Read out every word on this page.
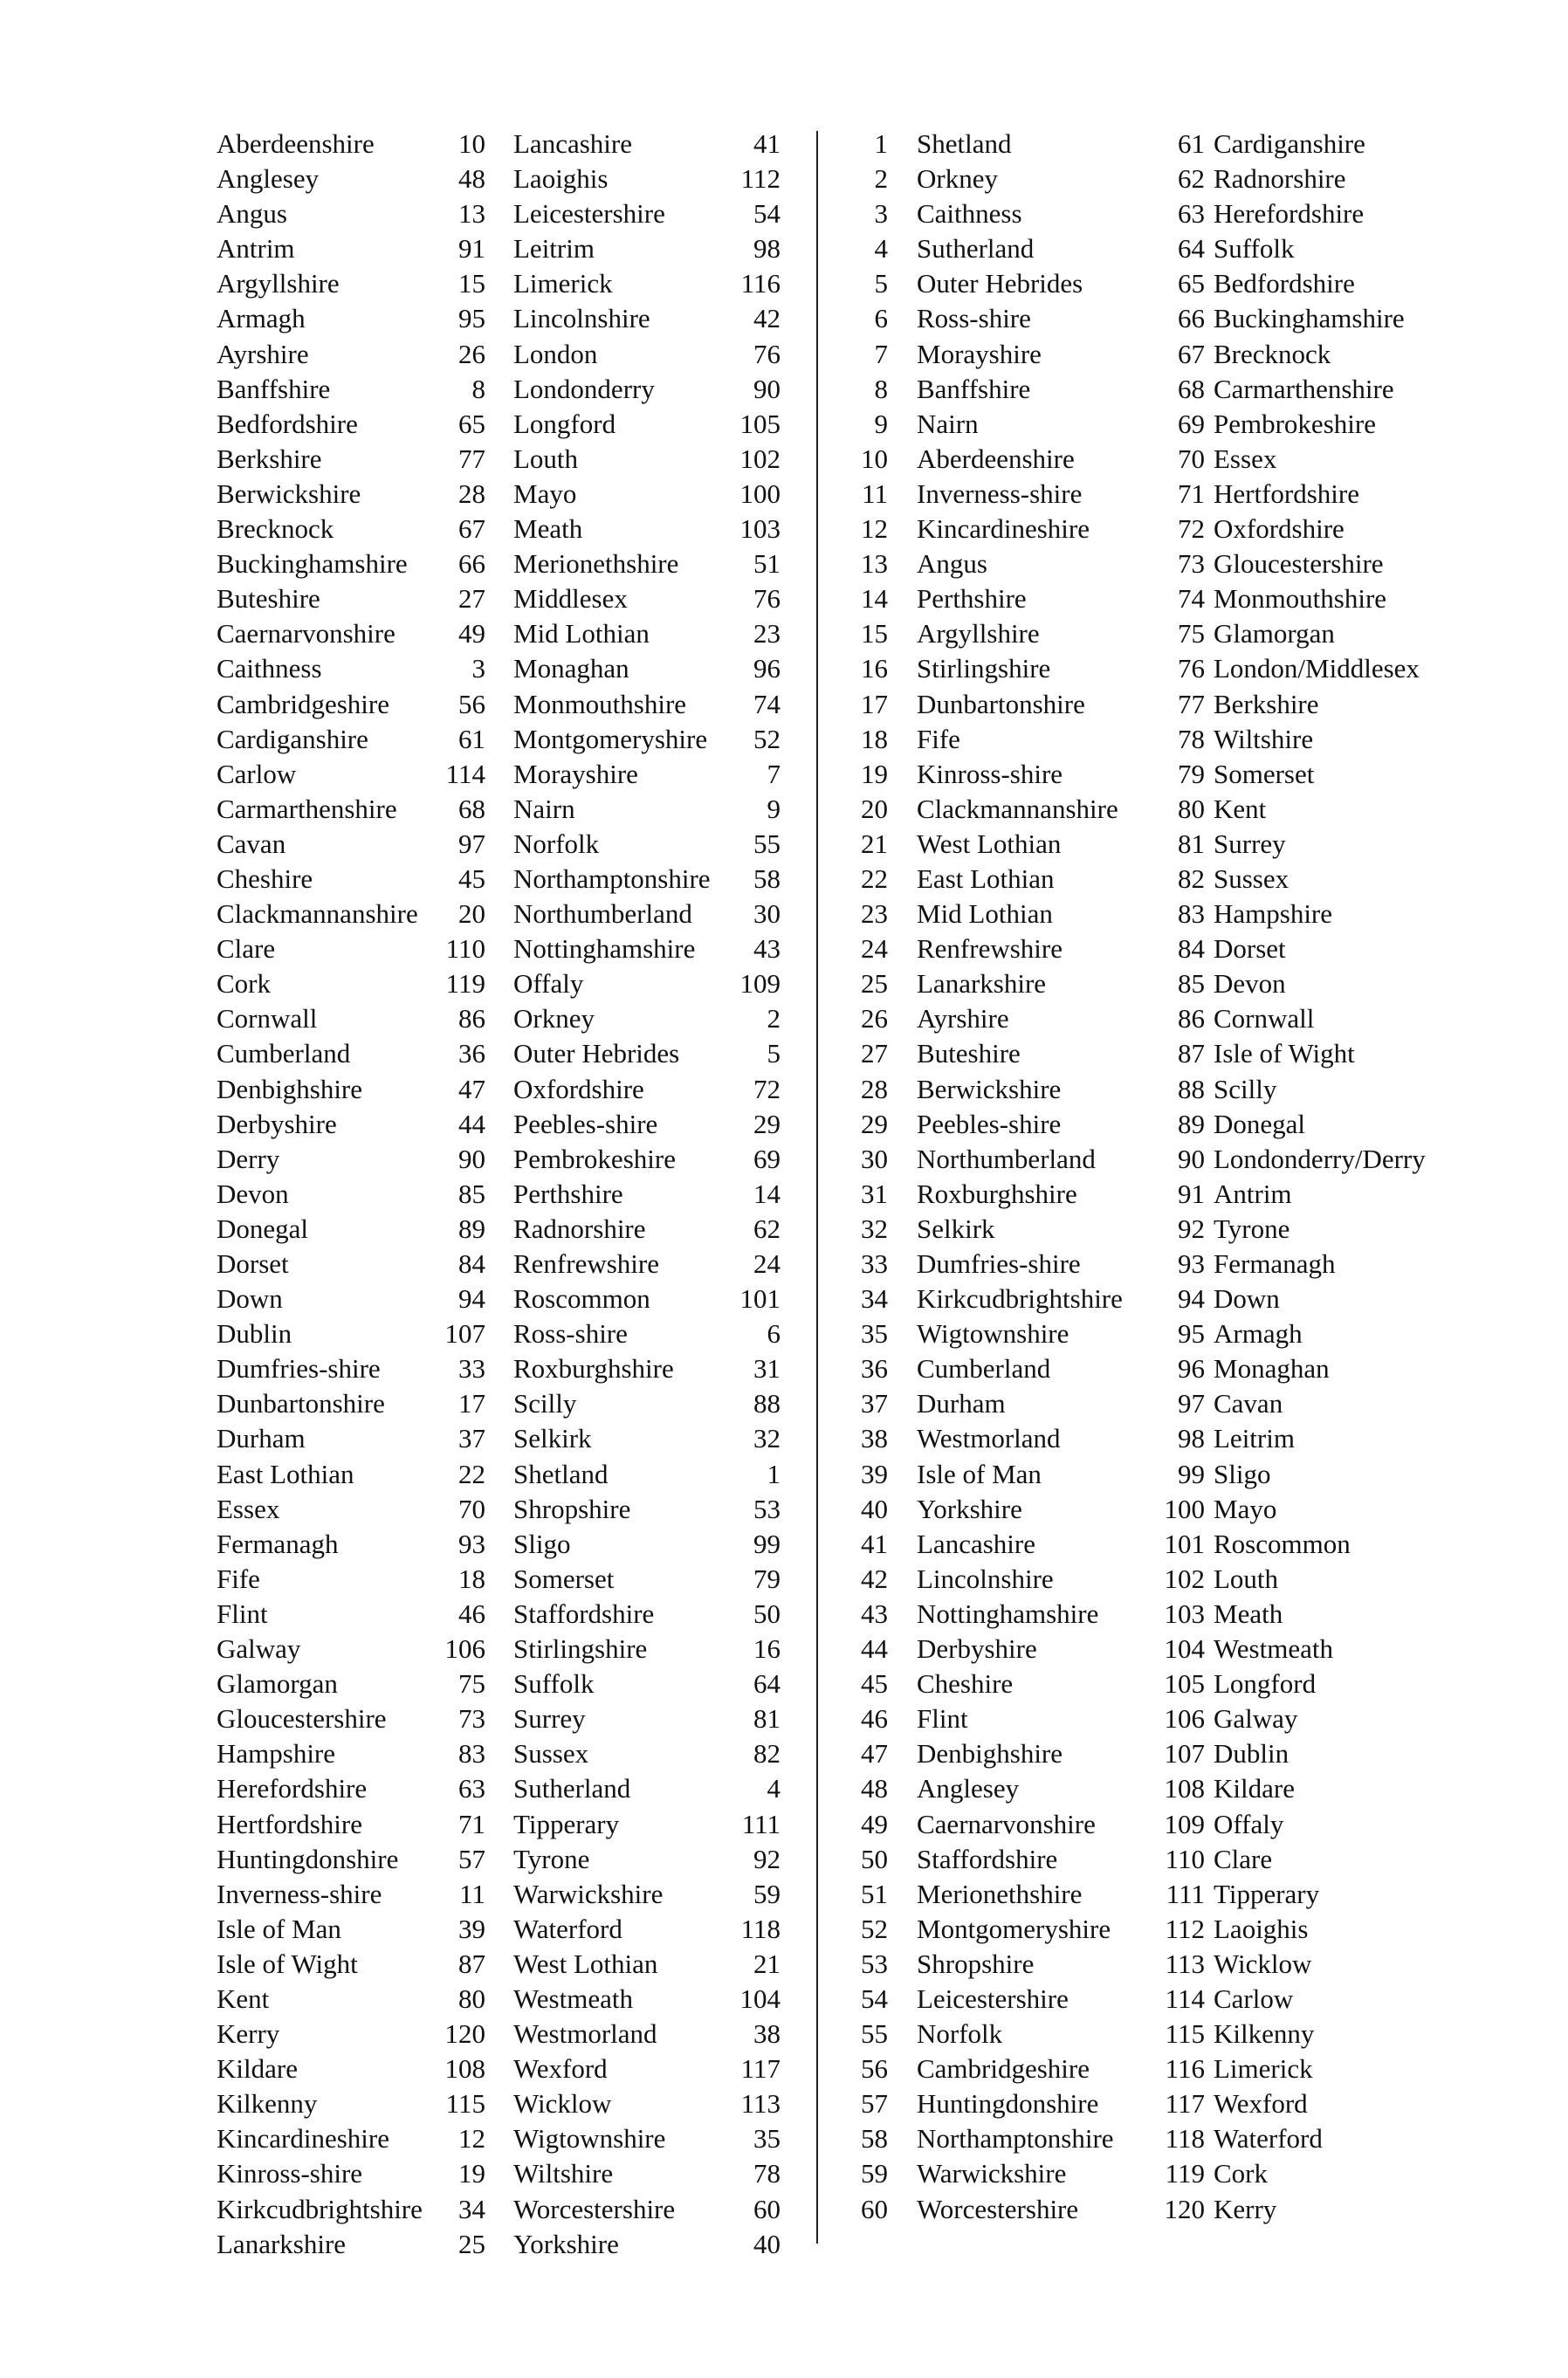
Aberdeenshire	10
Anglesey	48
Angus	13
Antrim	91
Argyllshire	15
Armagh	95
Ayrshire	26
Banffshire	8
Bedfordshire	65
Berkshire	77
Berwickshire	28
Brecknock	67
Buckinghamshire	66
Buteshire	27
Caernarvonshire	49
Caithness	3
Cambridgeshire	56
Cardiganshire	61
Carlow	114
Carmarthenshire	68
Cavan	97
Cheshire	45
Clackmannanshire	20
Clare	110
Cork	119
Cornwall	86
Cumberland	36
Denbighshire	47
Derbyshire	44
Derry	90
Devon	85
Donegal	89
Dorset	84
Down	94
Dublin	107
Dumfries-shire	33
Dunbartonshire	17
Durham	37
East Lothian	22
Essex	70
Fermanagh	93
Fife	18
Flint	46
Galway	106
Glamorgan	75
Gloucestershire	73
Hampshire	83
Herefordshire	63
Hertfordshire	71
Huntingdonshire	57
Inverness-shire	11
Isle of Man	39
Isle of Wight	87
Kent	80
Kerry	120
Kildare	108
Kilkenny	115
Kincardineshire	12
Kinross-shire	19
Kirkcudbrightshire	34
Lanarkshire	25
Lancashire	41
Laoighis	112
Leicestershire	54
Leitrim	98
Limerick	116
Lincolnshire	42
London	76
Londonderry	90
Longford	105
Louth	102
Mayo	100
Meath	103
Merionethshire	51
Middlesex	76
Mid Lothian	23
Monaghan	96
Monmouthshire 74
Montgomeryshire 52
Morayshire	7
Nairn	9
Norfolk	55
Northamptonshire 58
Northumberland 30
Nottinghamshire 43
Offaly	109
Orkney	2
Outer Hebrides	5
Oxfordshire	72
Peebles-shire	29
Pembrokeshire	69
Perthshire	14
Radnorshire	62
Renfrewshire	24
Roscommon	101
Ross-shire	6
Roxburghshire	31
Scilly	88
Selkirk	32
Shetland	1
Shropshire	53
Sligo	99
Somerset	79
Staffordshire	50
Stirlingshire	16
Suffolk	64
Surrey	81
Sussex	82
Sutherland	4
Tipperary	111
Tyrone	92
Warwickshire	59
Waterford	118
West Lothian	21
Westmeath	104
Westmorland	38
Wexford	117
Wicklow	113
Wigtownshire	35
Wiltshire	78
Worcestershire	60
Yorkshire	40
1 Shetland
2 Orkney
3 Caithness
4 Sutherland
5 Outer Hebrides
6 Ross-shire
7 Morayshire
8 Banffshire
9 Nairn
10 Aberdeenshire
11 Inverness-shire
12 Kincardineshire
13 Angus
14 Perthshire
15 Argyllshire
16 Stirlingshire
17 Dunbartonshire
18 Fife
19 Kinross-shire
20 Clackmannanshire
21 West Lothian
22 East Lothian
23 Mid Lothian
24 Renfrewshire
25 Lanarkshire
26 Ayrshire
27 Buteshire
28 Berwickshire
29 Peebles-shire
30 Northumberland
31 Roxburghshire
32 Selkirk
33 Dumfries-shire
34 Kirkcudbrightshire
35 Wigtownshire
36 Cumberland
37 Durham
38 Westmorland
39 Isle of Man
40 Yorkshire
41 Lancashire
42 Lincolnshire
43 Nottinghamshire
44 Derbyshire
45 Cheshire
46 Flint
47 Denbighshire
48 Anglesey
49 Caernarvonshire
50 Staffordshire
51 Merionethshire
52 Montgomeryshire
53 Shropshire
54 Leicestershire
55 Norfolk
56 Cambridgeshire
57 Huntingdonshire
58 Northamptonshire
59 Warwickshire
60 Worcestershire
61 Cardiganshire
62 Radnorshire
63 Herefordshire
64 Suffolk
65 Bedfordshire
66 Buckinghamshire
67 Brecknock
68 Carmarthenshire
69 Pembrokeshire
70 Essex
71 Hertfordshire
72 Oxfordshire
73 Gloucestershire
74 Monmouthshire
75 Glamorgan
76 London/Middlesex
77 Berkshire
78 Wiltshire
79 Somerset
80 Kent
81 Surrey
82 Sussex
83 Hampshire
84 Dorset
85 Devon
86 Cornwall
87 Isle of Wight
88 Scilly
89 Donegal
90 Londonderry/Derry
91 Antrim
92 Tyrone
93 Fermanagh
94 Down
95 Armagh
96 Monaghan
97 Cavan
98 Leitrim
99 Sligo
100 Mayo
101 Roscommon
102 Louth
103 Meath
104 Westmeath
105 Longford
106 Galway
107 Dublin
108 Kildare
109 Offaly
110 Clare
111 Tipperary
112 Laoighis
113 Wicklow
114 Carlow
115 Kilkenny
116 Limerick
117 Wexford
118 Waterford
119 Cork
120 Kerry
